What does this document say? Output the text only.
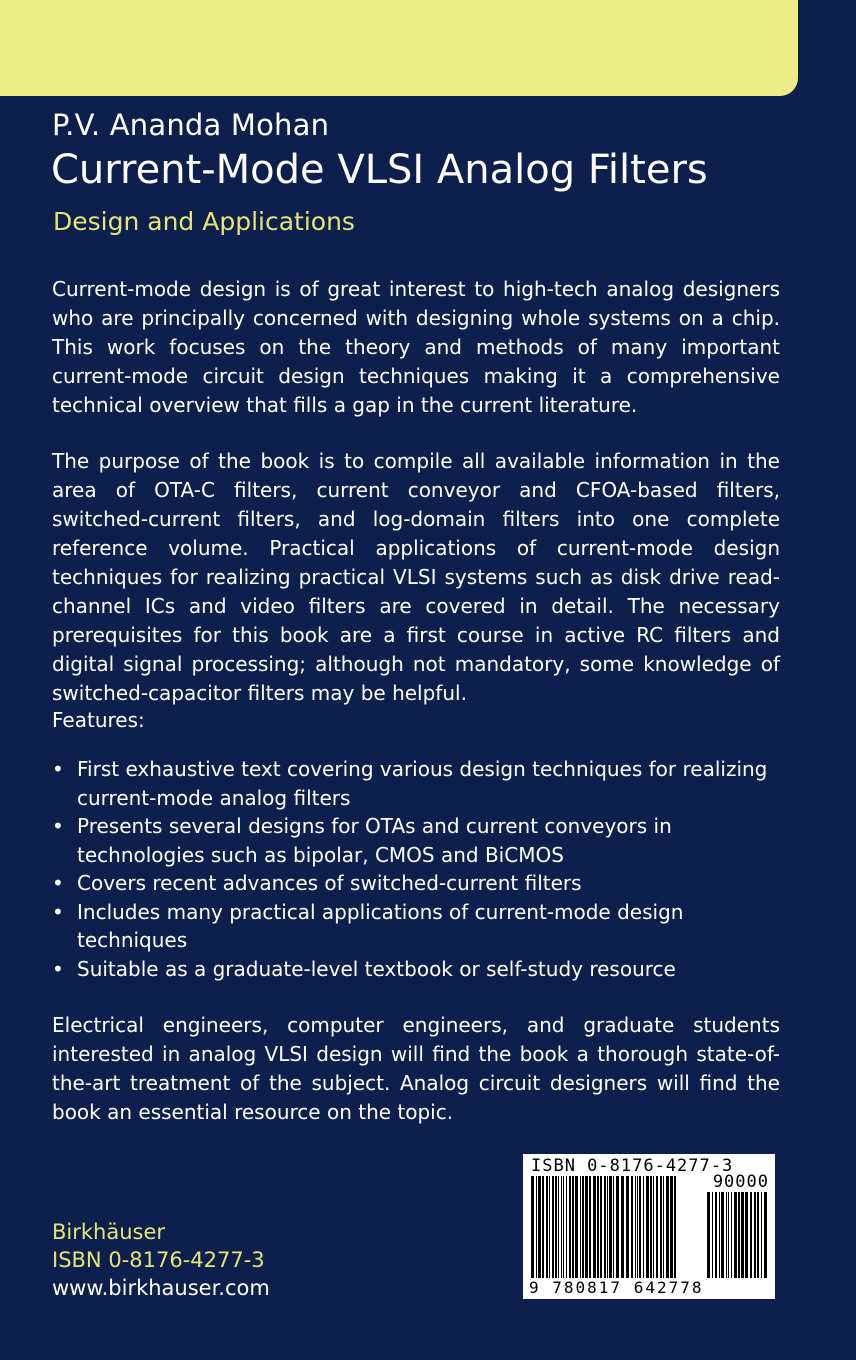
P.V. Ananda Mohan
Current-Mode VLSI Analog Filters
Design and Applications

Current-mode design is of great interest to high-tech analog designers who are principally concerned with designing whole systems on a chip. This work focuses on the theory and methods of many important current-mode circuit design techniques making it a comprehensive technical overview that fills a gap in the current literature.

The purpose of the book is to compile all available information in the area of OTA-C filters, current conveyor and CFOA-based filters, switched-current filters, and log-domain filters into one complete reference volume. Practical applications of current-mode design techniques for realizing practical VLSI systems such as disk drive read-channel ICs and video filters are covered in detail. The necessary prerequisites for this book are a first course in active RC filters and digital signal processing; although not mandatory, some knowledge of switched-capacitor filters may be helpful.

Features:

• First exhaustive text covering various design techniques for realizing current-mode analog filters
• Presents several designs for OTAs and current conveyors in technologies such as bipolar, CMOS and BiCMOS
• Covers recent advances of switched-current filters
• Includes many practical applications of current-mode design techniques
• Suitable as a graduate-level textbook or self-study resource

Electrical engineers, computer engineers, and graduate students interested in analog VLSI design will find the book a thorough state-of-the-art treatment of the subject. Analog circuit designers will find the book an essential resource on the topic.

Birkhäuser
ISBN 0-8176-4277-3
www.birkhauser.com
ISBN 0-8176-4277-3
90000
9 780817 642778
